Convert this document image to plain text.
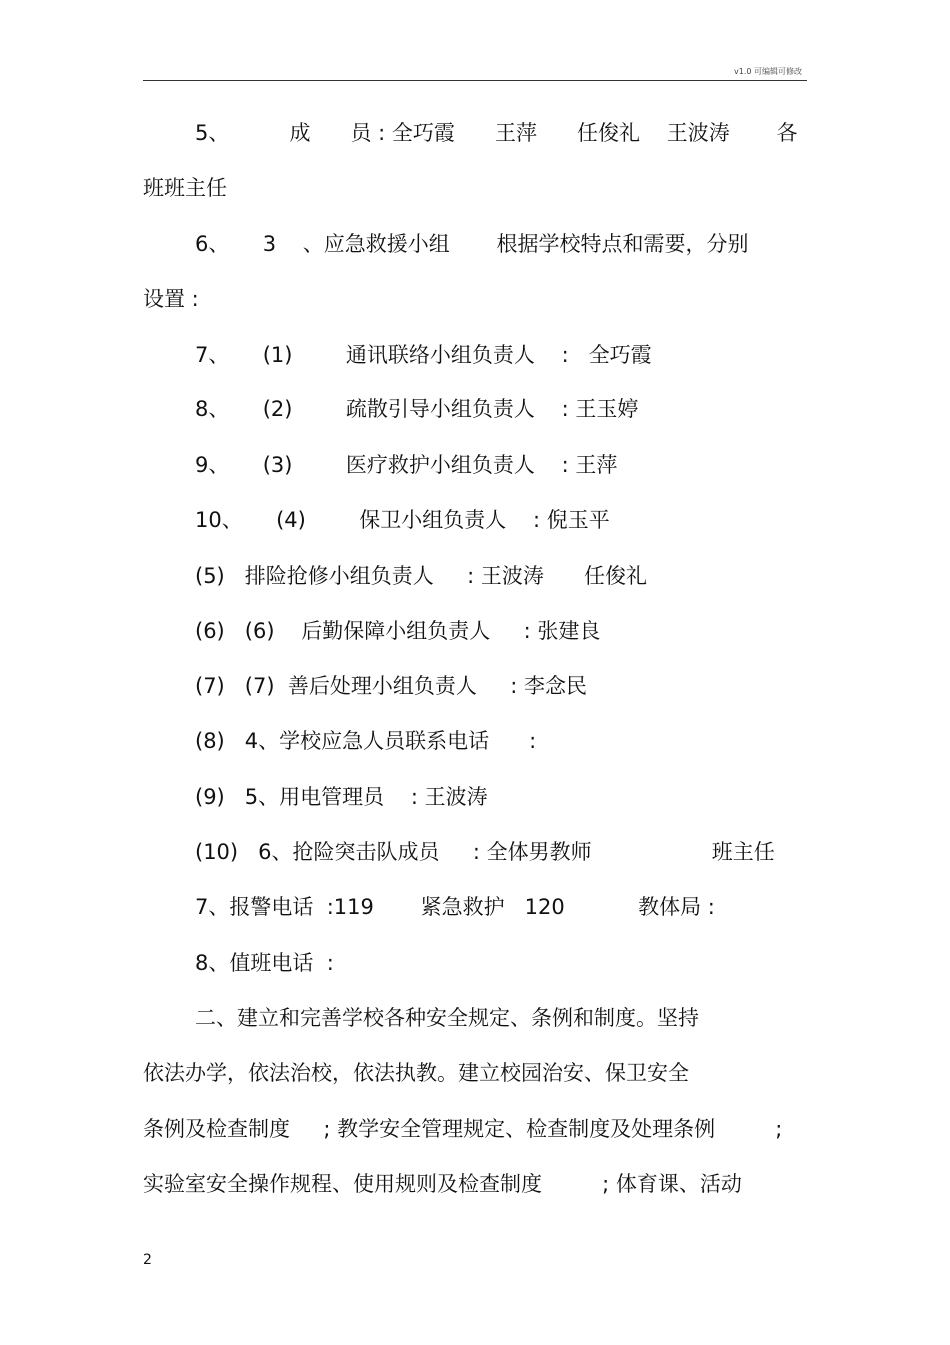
v1.0 可编辑可修改
5、         成      员 : 全巧霞      王萍      任俊礼    王波涛       各
班班主任
6、     3    、应急救援小组       根据学校特点和需要，分别
设置 :
7、     (1)        通讯联络小组负责人    :   全巧霞
8、     (2)        疏散引导小组负责人    : 王玉婷
9、     (3)        医疗救护小组负责人    : 王萍
10、     (4)        保卫小组负责人    : 倪玉平
(5)   排险抢修小组负责人     : 王波涛      任俊礼
(6)   (6)    后勤保障小组负责人     : 张建良
(7)   (7)  善后处理小组负责人     : 李念民
(8)   4、学校应急人员联系电话      :
(9)   5、用电管理员    : 王波涛
(10)   6、抢险突击队成员     : 全体男教师                  班主任
7、报警电话  :119       紧急救护   120           教体局 :
8、值班电话  :
二、建立和完善学校各种安全规定、条例和制度。坚持
依法办学，依法治校，依法执教。建立校园治安、保卫安全
条例及检查制度     ; 教学安全管理规定、检查制度及处理条例         ;
实验室安全操作规程、使用规则及检查制度         ; 体育课、活动
2
